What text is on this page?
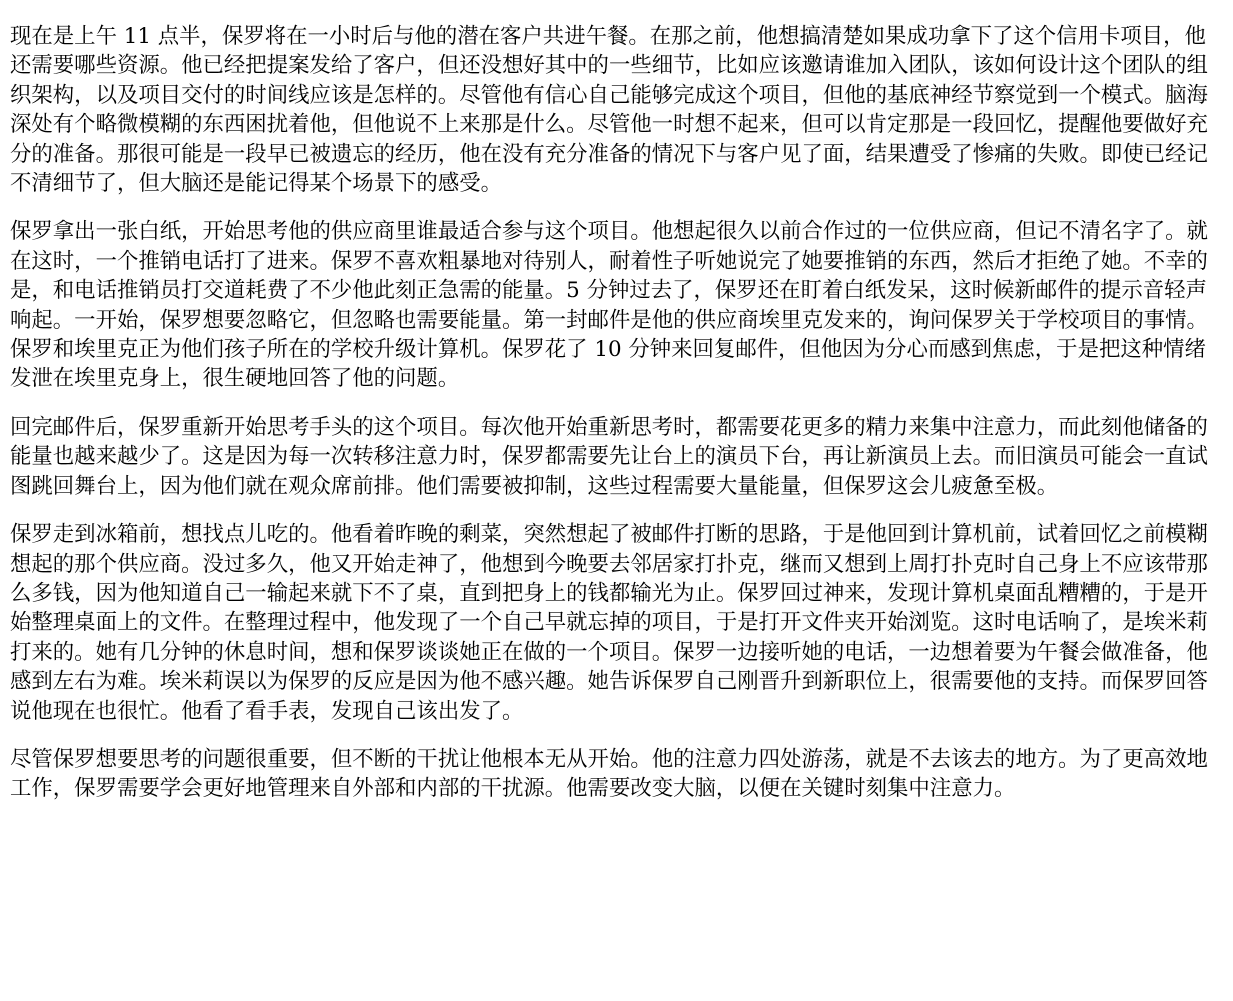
现在是上午 11 点半，保罗将在一小时后与他的潜在客户共进午餐。在那之前，他想搞清楚如果成功拿下了这个信用卡项目，他还需要哪些资源。他已经把提案发给了客户，但还没想好其中的一些细节，比如应该邀请谁加入团队，该如何设计这个团队的组织架构，以及项目交付的时间线应该是怎样的。尽管他有信心自己能够完成这个项目，但他的基底神经节察觉到一个模式。脑海深处有个略微模糊的东西困扰着他，但他说不上来那是什么。尽管他一时想不起来，但可以肯定那是一段回忆，提醒他要做好充分的准备。那很可能是一段早已被遗忘的经历，他在没有充分准备的情况下与客户见了面，结果遭受了惨痛的失败。即使已经记不清细节了，但大脑还是能记得某个场景下的感受。

保罗拿出一张白纸，开始思考他的供应商里谁最适合参与这个项目。他想起很久以前合作过的一位供应商，但记不清名字了。就在这时，一个推销电话打了进来。保罗不喜欢粗暴地对待别人，耐着性子听她说完了她要推销的东西，然后才拒绝了她。不幸的是，和电话推销员打交道耗费了不少他此刻正急需的能量。5 分钟过去了，保罗还在盯着白纸发呆，这时候新邮件的提示音轻声响起。一开始，保罗想要忽略它，但忽略也需要能量。第一封邮件是他的供应商埃里克发来的，询问保罗关于学校项目的事情。保罗和埃里克正为他们孩子所在的学校升级计算机。保罗花了 10 分钟来回复邮件，但他因为分心而感到焦虑，于是把这种情绪发泄在埃里克身上，很生硬地回答了他的问题。

回完邮件后，保罗重新开始思考手头的这个项目。每次他开始重新思考时，都需要花更多的精力来集中注意力，而此刻他储备的能量也越来越少了。这是因为每一次转移注意力时，保罗都需要先让台上的演员下台，再让新演员上去。而旧演员可能会一直试图跳回舞台上，因为他们就在观众席前排。他们需要被抑制，这些过程需要大量能量，但保罗这会儿疲惫至极。

保罗走到冰箱前，想找点儿吃的。他看着昨晚的剩菜，突然想起了被邮件打断的思路，于是他回到计算机前，试着回忆之前模糊想起的那个供应商。没过多久，他又开始走神了，他想到今晚要去邻居家打扑克，继而又想到上周打扑克时自己身上不应该带那么多钱，因为他知道自己一输起来就下不了桌，直到把身上的钱都输光为止。保罗回过神来，发现计算机桌面乱糟糟的，于是开始整理桌面上的文件。在整理过程中，他发现了一个自己早就忘掉的项目，于是打开文件夹开始浏览。这时电话响了，是埃米莉打来的。她有几分钟的休息时间，想和保罗谈谈她正在做的一个项目。保罗一边接听她的电话，一边想着要为午餐会做准备，他感到左右为难。埃米莉误以为保罗的反应是因为他不感兴趣。她告诉保罗自己刚晋升到新职位上，很需要他的支持。而保罗回答说他现在也很忙。他看了看手表，发现自己该出发了。

尽管保罗想要思考的问题很重要，但不断的干扰让他根本无从开始。他的注意力四处游荡，就是不去该去的地方。为了更高效地工作，保罗需要学会更好地管理来自外部和内部的干扰源。他需要改变大脑，以便在关键时刻集中注意力。
